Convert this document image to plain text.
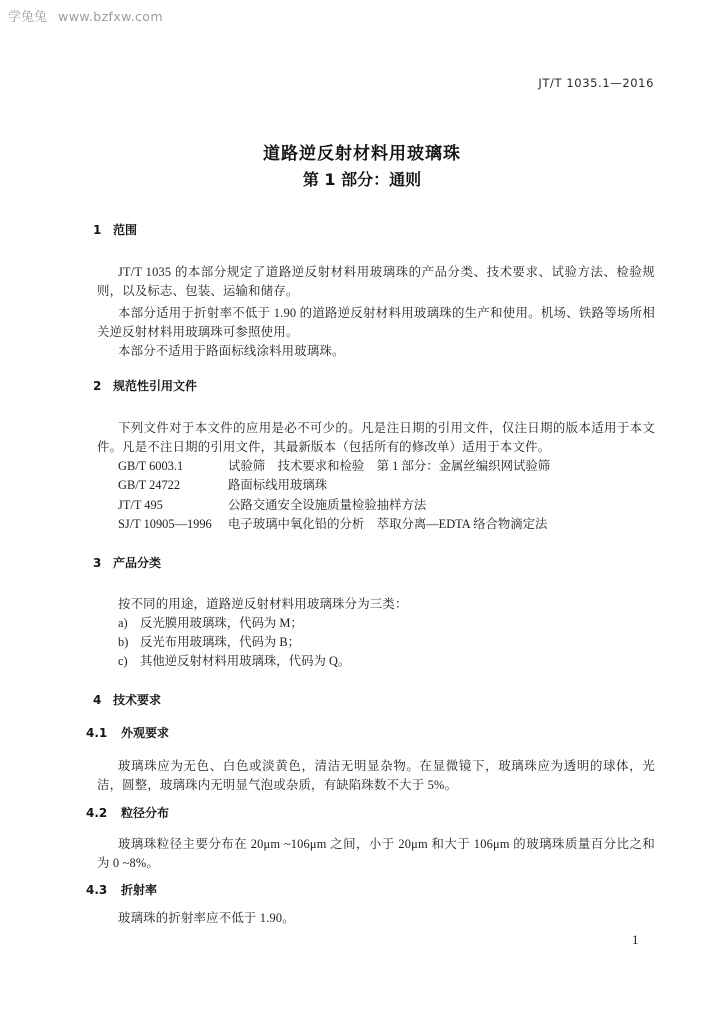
学兔兔 www.bzfxw.com
JT/T 1035.1—2016
道路逆反射材料用玻璃珠
第 1 部分：通则
1 范围
JT/T 1035 的本部分规定了道路逆反射材料用玻璃珠的产品分类、技术要求、试验方法、检验规则，以及标志、包装、运输和储存。
本部分适用于折射率不低于 1.90 的道路逆反射材料用玻璃珠的生产和使用。机场、铁路等场所相关逆反射材料用玻璃珠可参照使用。
本部分不适用于路面标线涂料用玻璃珠。
2 规范性引用文件
下列文件对于本文件的应用是必不可少的。凡是注日期的引用文件，仅注日期的版本适用于本文件。凡是不注日期的引用文件，其最新版本（包括所有的修改单）适用于本文件。
GB/T 6003.1	试验筛　技术要求和检验　第 1 部分：金属丝编织网试验筛
GB/T 24722	路面标线用玻璃珠
JT/T 495	公路交通安全设施质量检验抽样方法
SJ/T 10905—1996 电子玻璃中氧化铅的分析　萃取分离—EDTA 络合物滴定法
3 产品分类
按不同的用途，道路逆反射材料用玻璃珠分为三类：
a) 反光膜用玻璃珠，代码为 M；
b) 反光布用玻璃珠，代码为 B；
c) 其他逆反射材料用玻璃珠，代码为 Q。
4 技术要求
4.1 外观要求
玻璃珠应为无色、白色或淡黄色，清洁无明显杂物。在显微镜下，玻璃珠应为透明的球体，光洁，圆整，玻璃珠内无明显气泡或杂质，有缺陷珠数不大于 5%。
4.2 粒径分布
玻璃珠粒径主要分布在 20μm ~106μm 之间，小于 20μm 和大于 106μm 的玻璃珠质量百分比之和为 0 ~8%。
4.3 折射率
玻璃珠的折射率应不低于 1.90。
1
